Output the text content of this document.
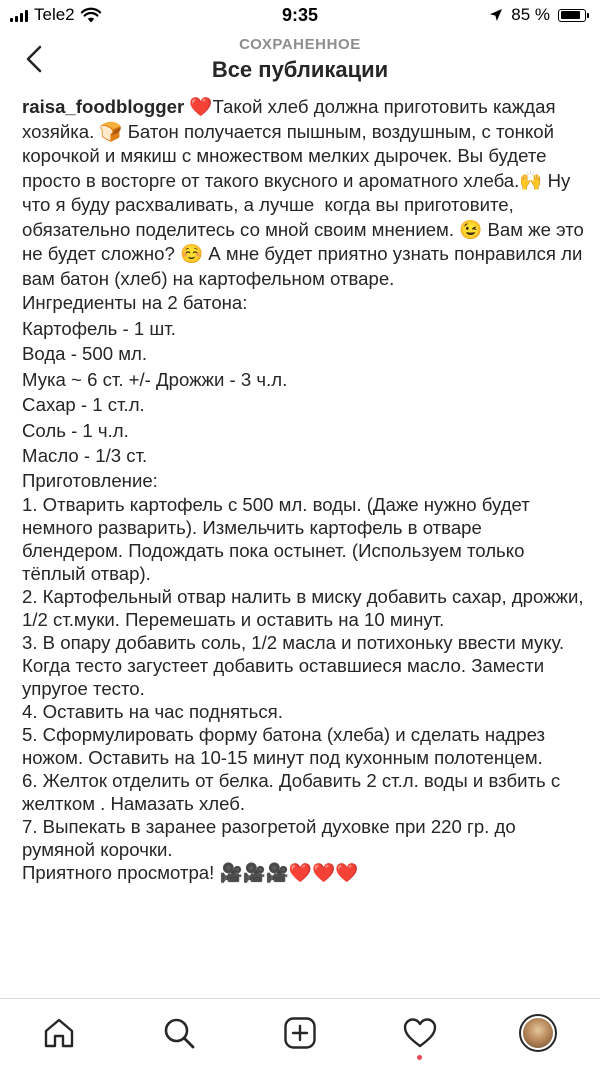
Tele2	9:35	85 %
СОХРАНЕННОЕ
Все публикации

raisa_foodblogger ❤️Такой хлеб должна приготовить каждая хозяйка. 🍞 Батон получается пышным, воздушным, с тонкой корочкой и мякиш с множеством мелких дырочек. Вы будете просто в восторге от такого вкусного и ароматного хлеба.🙌 Ну что я буду расхваливать, а лучше  когда вы приготовите, обязательно поделитесь со мной своим мнением. 😉 Вам же это не будет сложно? ☺️ А мне будет приятно узнать понравился ли вам батон (хлеб) на картофельном отваре.

Ингредиенты на 2 батона:

Картофель - 1 шт.

Вода - 500 мл.

Мука ~ 6 ст. +/- Дрожжи - 3 ч.л.

Сахар - 1 ст.л.

Соль - 1 ч.л.

Масло - 1/3 ст.

Приготовление:

1. Отварить картофель с 500 мл. воды. (Даже нужно будет немного разварить). Измельчить картофель в отваре блендером. Подождать пока остынет. (Используем только тёплый отвар).

2. Картофельный отвар налить в миску добавить сахар, дрожжи, 1/2 ст.муки. Перемешать и оставить на 10 минут.

3. В опару добавить соль, 1/2 масла и потихоньку ввести муку. Когда тесто загустеет добавить оставшиеся масло. Замести упругое тесто.

4. Оставить на час подняться.

5. Сформулировать форму батона (хлеба) и сделать надрез ножом. Оставить на 10-15 минут под кухонным полотенцем.

6. Желток отделить от белка. Добавить 2 ст.л. воды и взбить с желтком . Намазать хлеб.

7. Выпекать в заранее разогретой духовке при 220 гр. до румяной корочки.

Приятного просмотра! 🎥🎥🎥❤️❤️❤️
